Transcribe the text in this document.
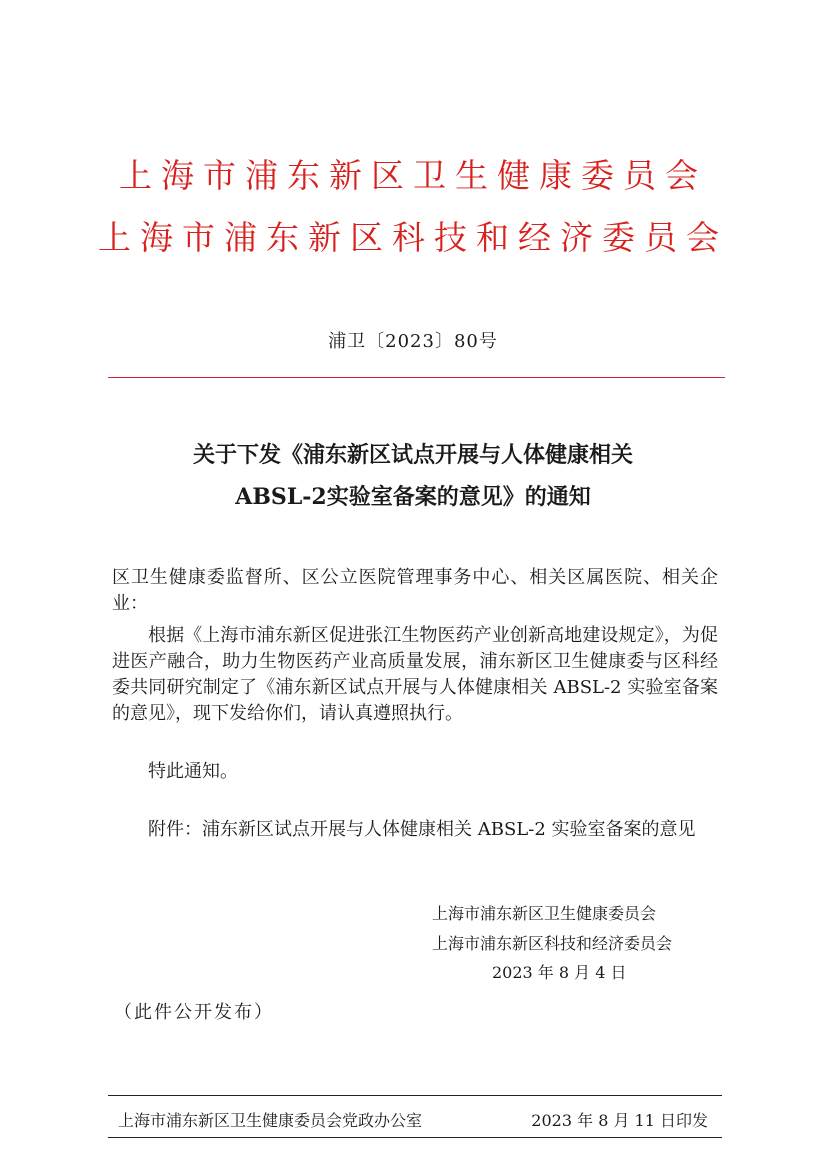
上海市浦东新区卫生健康委员会
上海市浦东新区科技和经济委员会
浦卫〔2023〕80号
关于下发《浦东新区试点开展与人体健康相关
ABSL-2实验室备案的意见》的通知
区卫生健康委监督所、区公立医院管理事务中心、相关区属医院、相关企业：
根据《上海市浦东新区促进张江生物医药产业创新高地建设规定》，为促进医产融合，助力生物医药产业高质量发展，浦东新区卫生健康委与区科经委共同研究制定了《浦东新区试点开展与人体健康相关 ABSL-2 实验室备案的意见》，现下发给你们，请认真遵照执行。
特此通知。
附件：浦东新区试点开展与人体健康相关 ABSL-2 实验室备案的意见
上海市浦东新区卫生健康委员会
上海市浦东新区科技和经济委员会
2023 年 8 月 4 日
（此件公开发布）
上海市浦东新区卫生健康委员会党政办公室	2023 年 8 月 11 日印发
